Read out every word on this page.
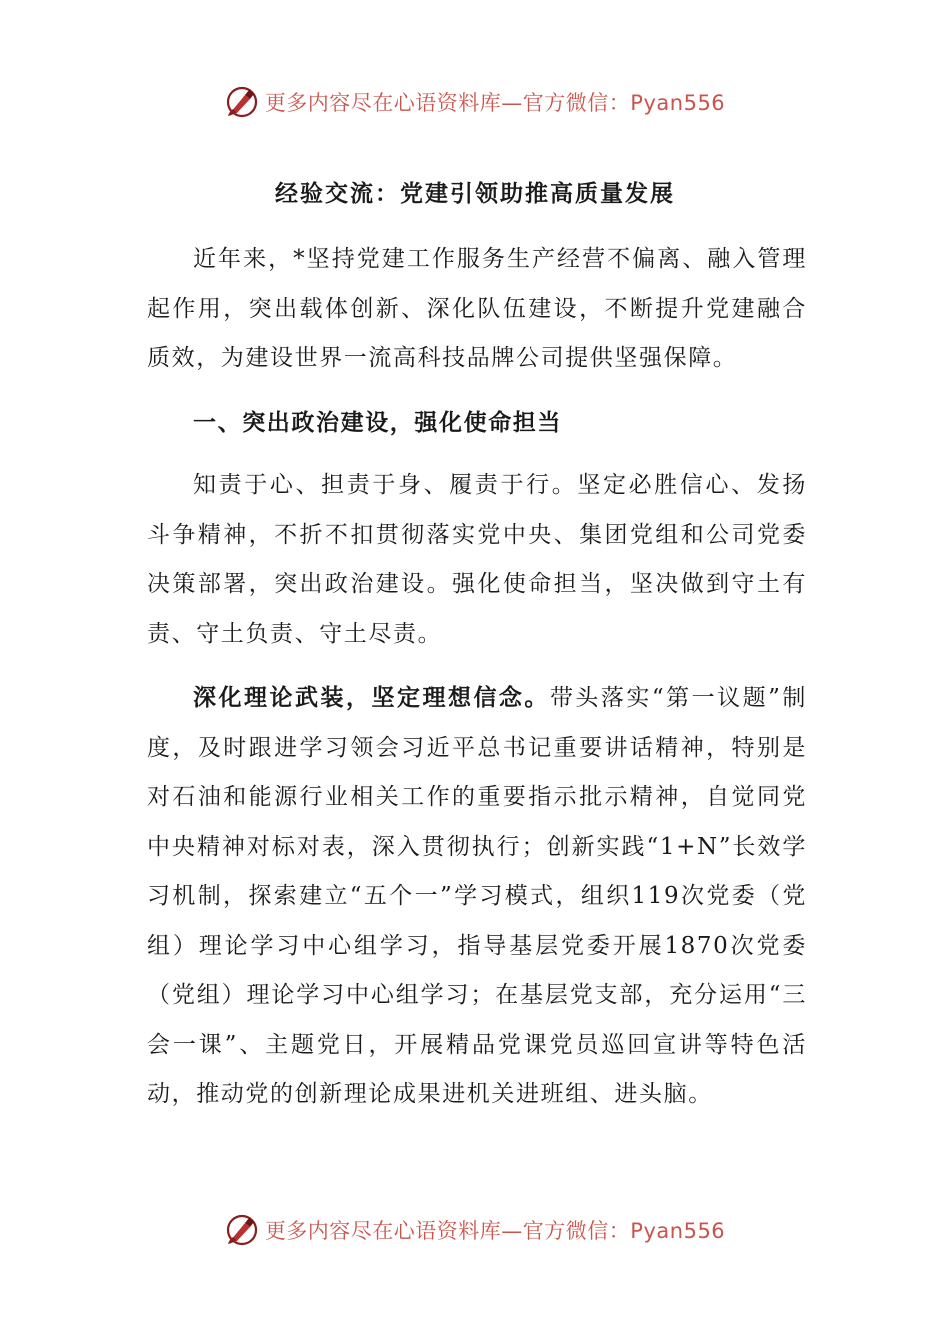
更多内容尽在心语资料库—官方微信：Pyan556
经验交流：党建引领助推高质量发展

近年来，*坚持党建工作服务生产经营不偏离、融入管理起作用，突出载体创新、深化队伍建设，不断提升党建融合质效，为建设世界一流高科技品牌公司提供坚强保障。

一、突出政治建设，强化使命担当

知责于心、担责于身、履责于行。坚定必胜信心、发扬斗争精神，不折不扣贯彻落实党中央、集团党组和公司党委决策部署，突出政治建设。强化使命担当，坚决做到守土有责、守土负责、守土尽责。

深化理论武装，坚定理想信念。带头落实“第一议题”制度，及时跟进学习领会习近平总书记重要讲话精神，特别是对石油和能源行业相关工作的重要指示批示精神，自觉同党中央精神对标对表，深入贯彻执行；创新实践“1+N”长效学习机制，探索建立“五个一”学习模式，组织119次党委（党组）理论学习中心组学习，指导基层党委开展1870次党委（党组）理论学习中心组学习；在基层党支部，充分运用“三会一课”、主题党日，开展精品党课党员巡回宣讲等特色活动，推动党的创新理论成果进机关进班组、进头脑。

更多内容尽在心语资料库—官方微信：Pyan556
